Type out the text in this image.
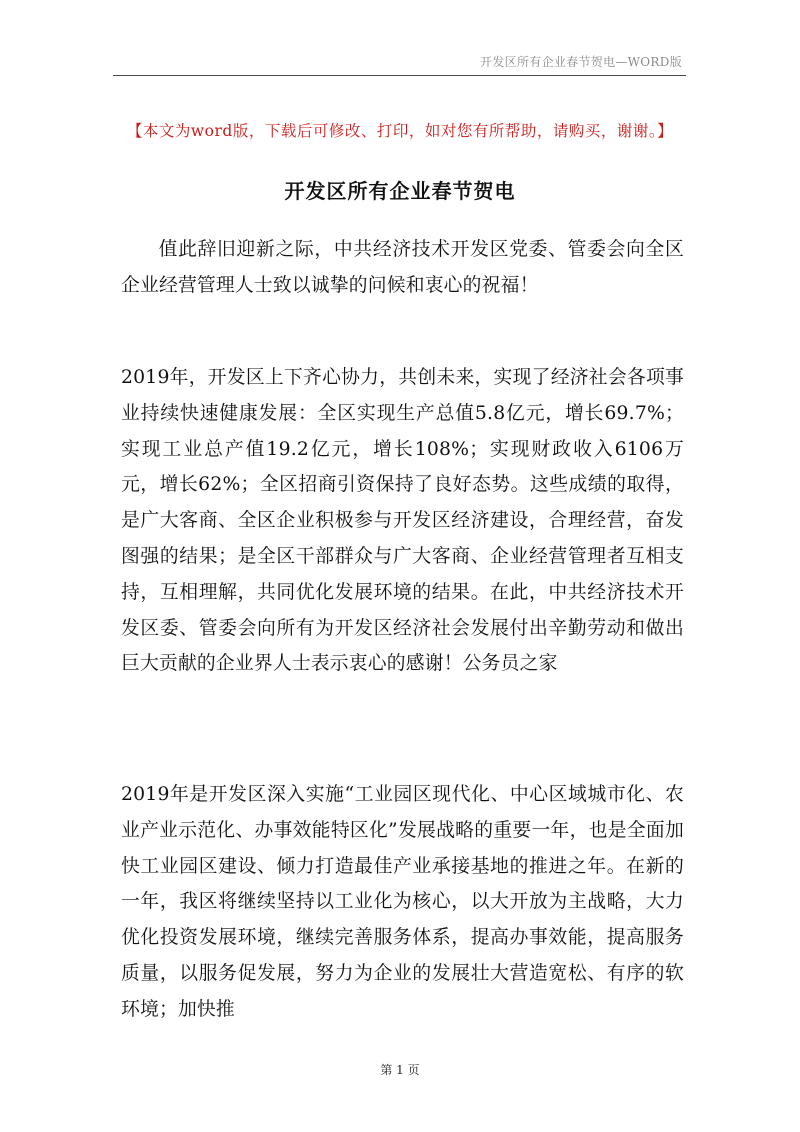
开发区所有企业春节贺电—WORD版
【本文为word版，下载后可修改、打印，如对您有所帮助，请购买，谢谢。】
开发区所有企业春节贺电

值此辞旧迎新之际，中共经济技术开发区党委、管委会向全区企业经营管理人士致以诚挚的问候和衷心的祝福！

2019年，开发区上下齐心协力，共创未来，实现了经济社会各项事业持续快速健康发展：全区实现生产总值5.8亿元，增长69.7%；实现工业总产值19.2亿元，增长108%；实现财政收入6106万元，增长62%；全区招商引资保持了良好态势。这些成绩的取得，是广大客商、全区企业积极参与开发区经济建设，合理经营，奋发图强的结果；是全区干部群众与广大客商、企业经营管理者互相支持，互相理解，共同优化发展环境的结果。在此，中共经济技术开发区委、管委会向所有为开发区经济社会发展付出辛勤劳动和做出巨大贡献的企业界人士表示衷心的感谢！公务员之家

2019年是开发区深入实施“工业园区现代化、中心区域城市化、农业产业示范化、办事效能特区化”发展战略的重要一年，也是全面加快工业园区建设、倾力打造最佳产业承接基地的推进之年。在新的一年，我区将继续坚持以工业化为核心，以大开放为主战略，大力优化投资发展环境，继续完善服务体系，提高办事效能，提高服务质量，以服务促发展，努力为企业的发展壮大营造宽松、有序的软环境；加快推

第 1 页
